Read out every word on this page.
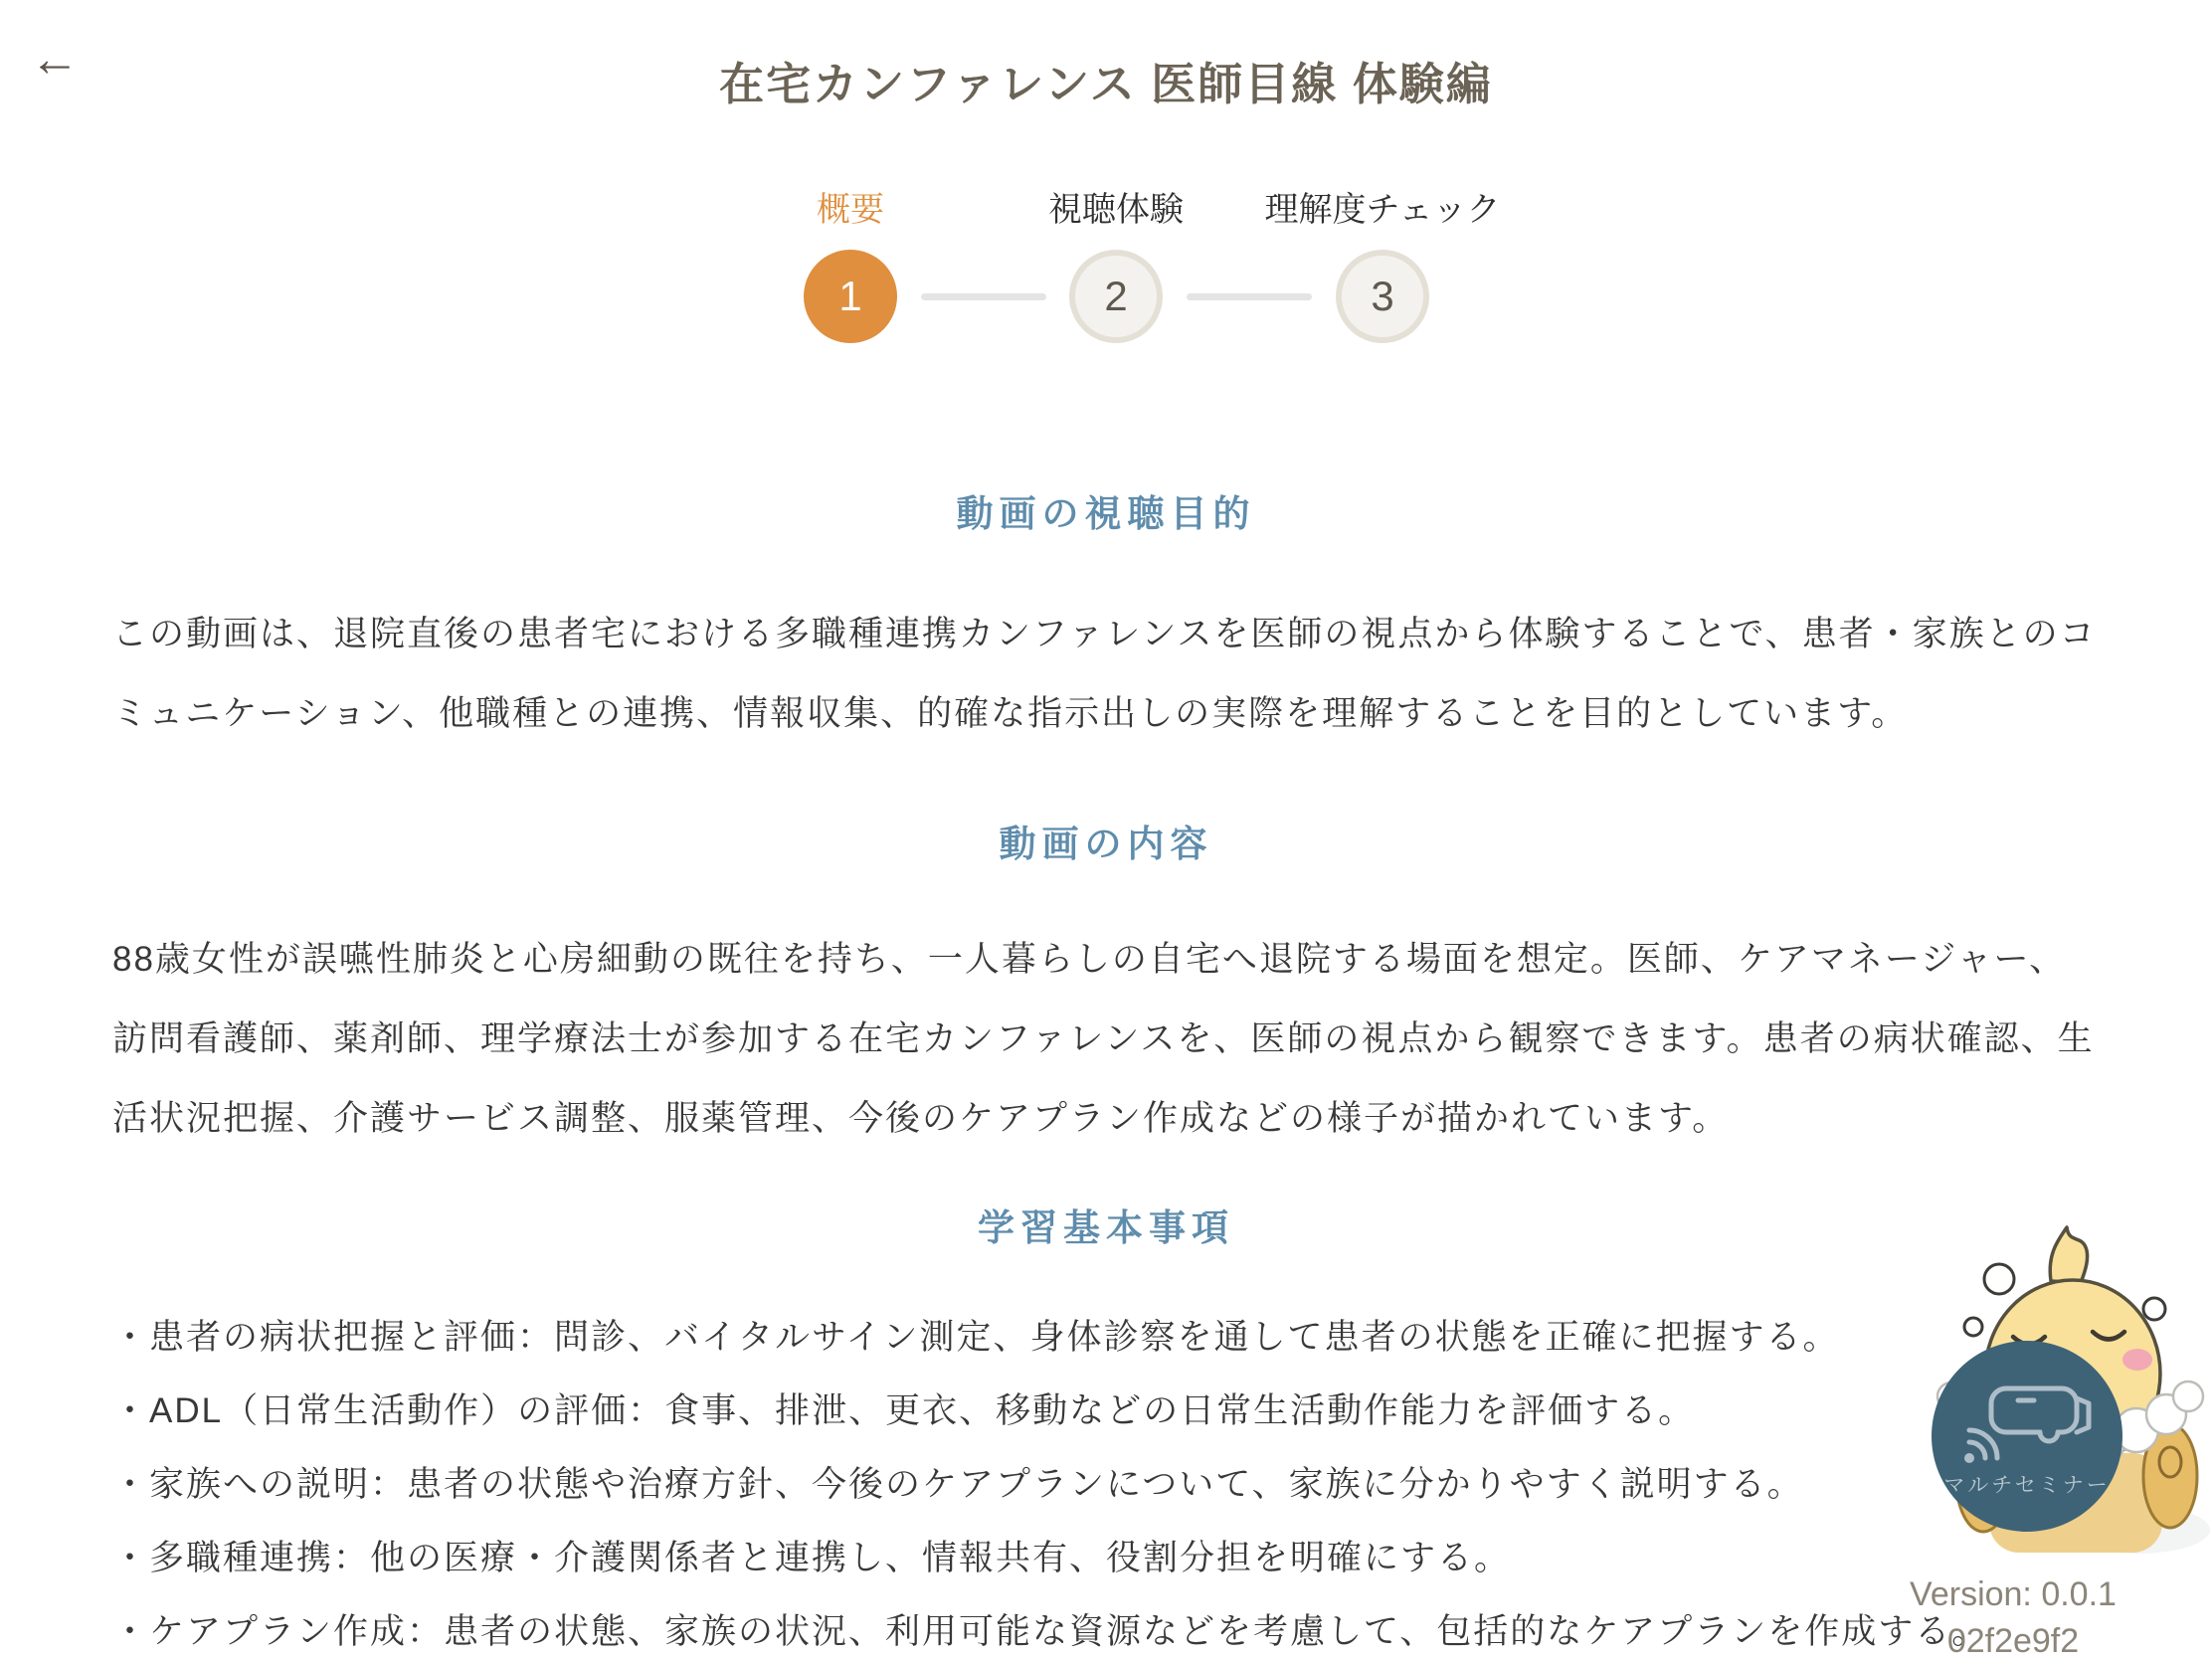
←	在宅カンファレンス 医師目線 体験編
概要	視聴体験 理解度チェック
1	2	3
動画の視聴目的
この動画は、退院直後の患者宅における多職種連携カンファレンスを医師の視点から体験することで、患者・家族とのコミュニケーション、他職種との連携、情報収集、的確な指示出しの実際を理解することを目的としています。
動画の内容
88歳女性が誤嚥性肺炎と心房細動の既往を持ち、一人暮らしの自宅へ退院する場面を想定。医師、ケアマネージャー、訪問看護師、薬剤師、理学療法士が参加する在宅カンファレンスを、医師の視点から観察できます。患者の病状確認、生活状況把握、介護サービス調整、服薬管理、今後のケアプラン作成などの様子が描かれています。
学習基本事項
・患者の病状把握と評価：問診、バイタルサイン測定、身体診察を通して患者の状態を正確に把握する。
・ADL（日常生活動作）の評価：食事、排泄、更衣、移動などの日常生活動作能力を評価する。
・家族への説明：患者の状態や治療方針、今後のケアプランについて、家族に分かりやすく説明する。
・多職種連携：他の医療・介護関係者と連携し、情報共有、役割分担を明確にする。
・ケアプラン作成：患者の状態、家族の状況、利用可能な資源などを考慮して、包括的なケアプランを作成する。
マルチセミナー
Version: 0.0.1
02f2e9f2
